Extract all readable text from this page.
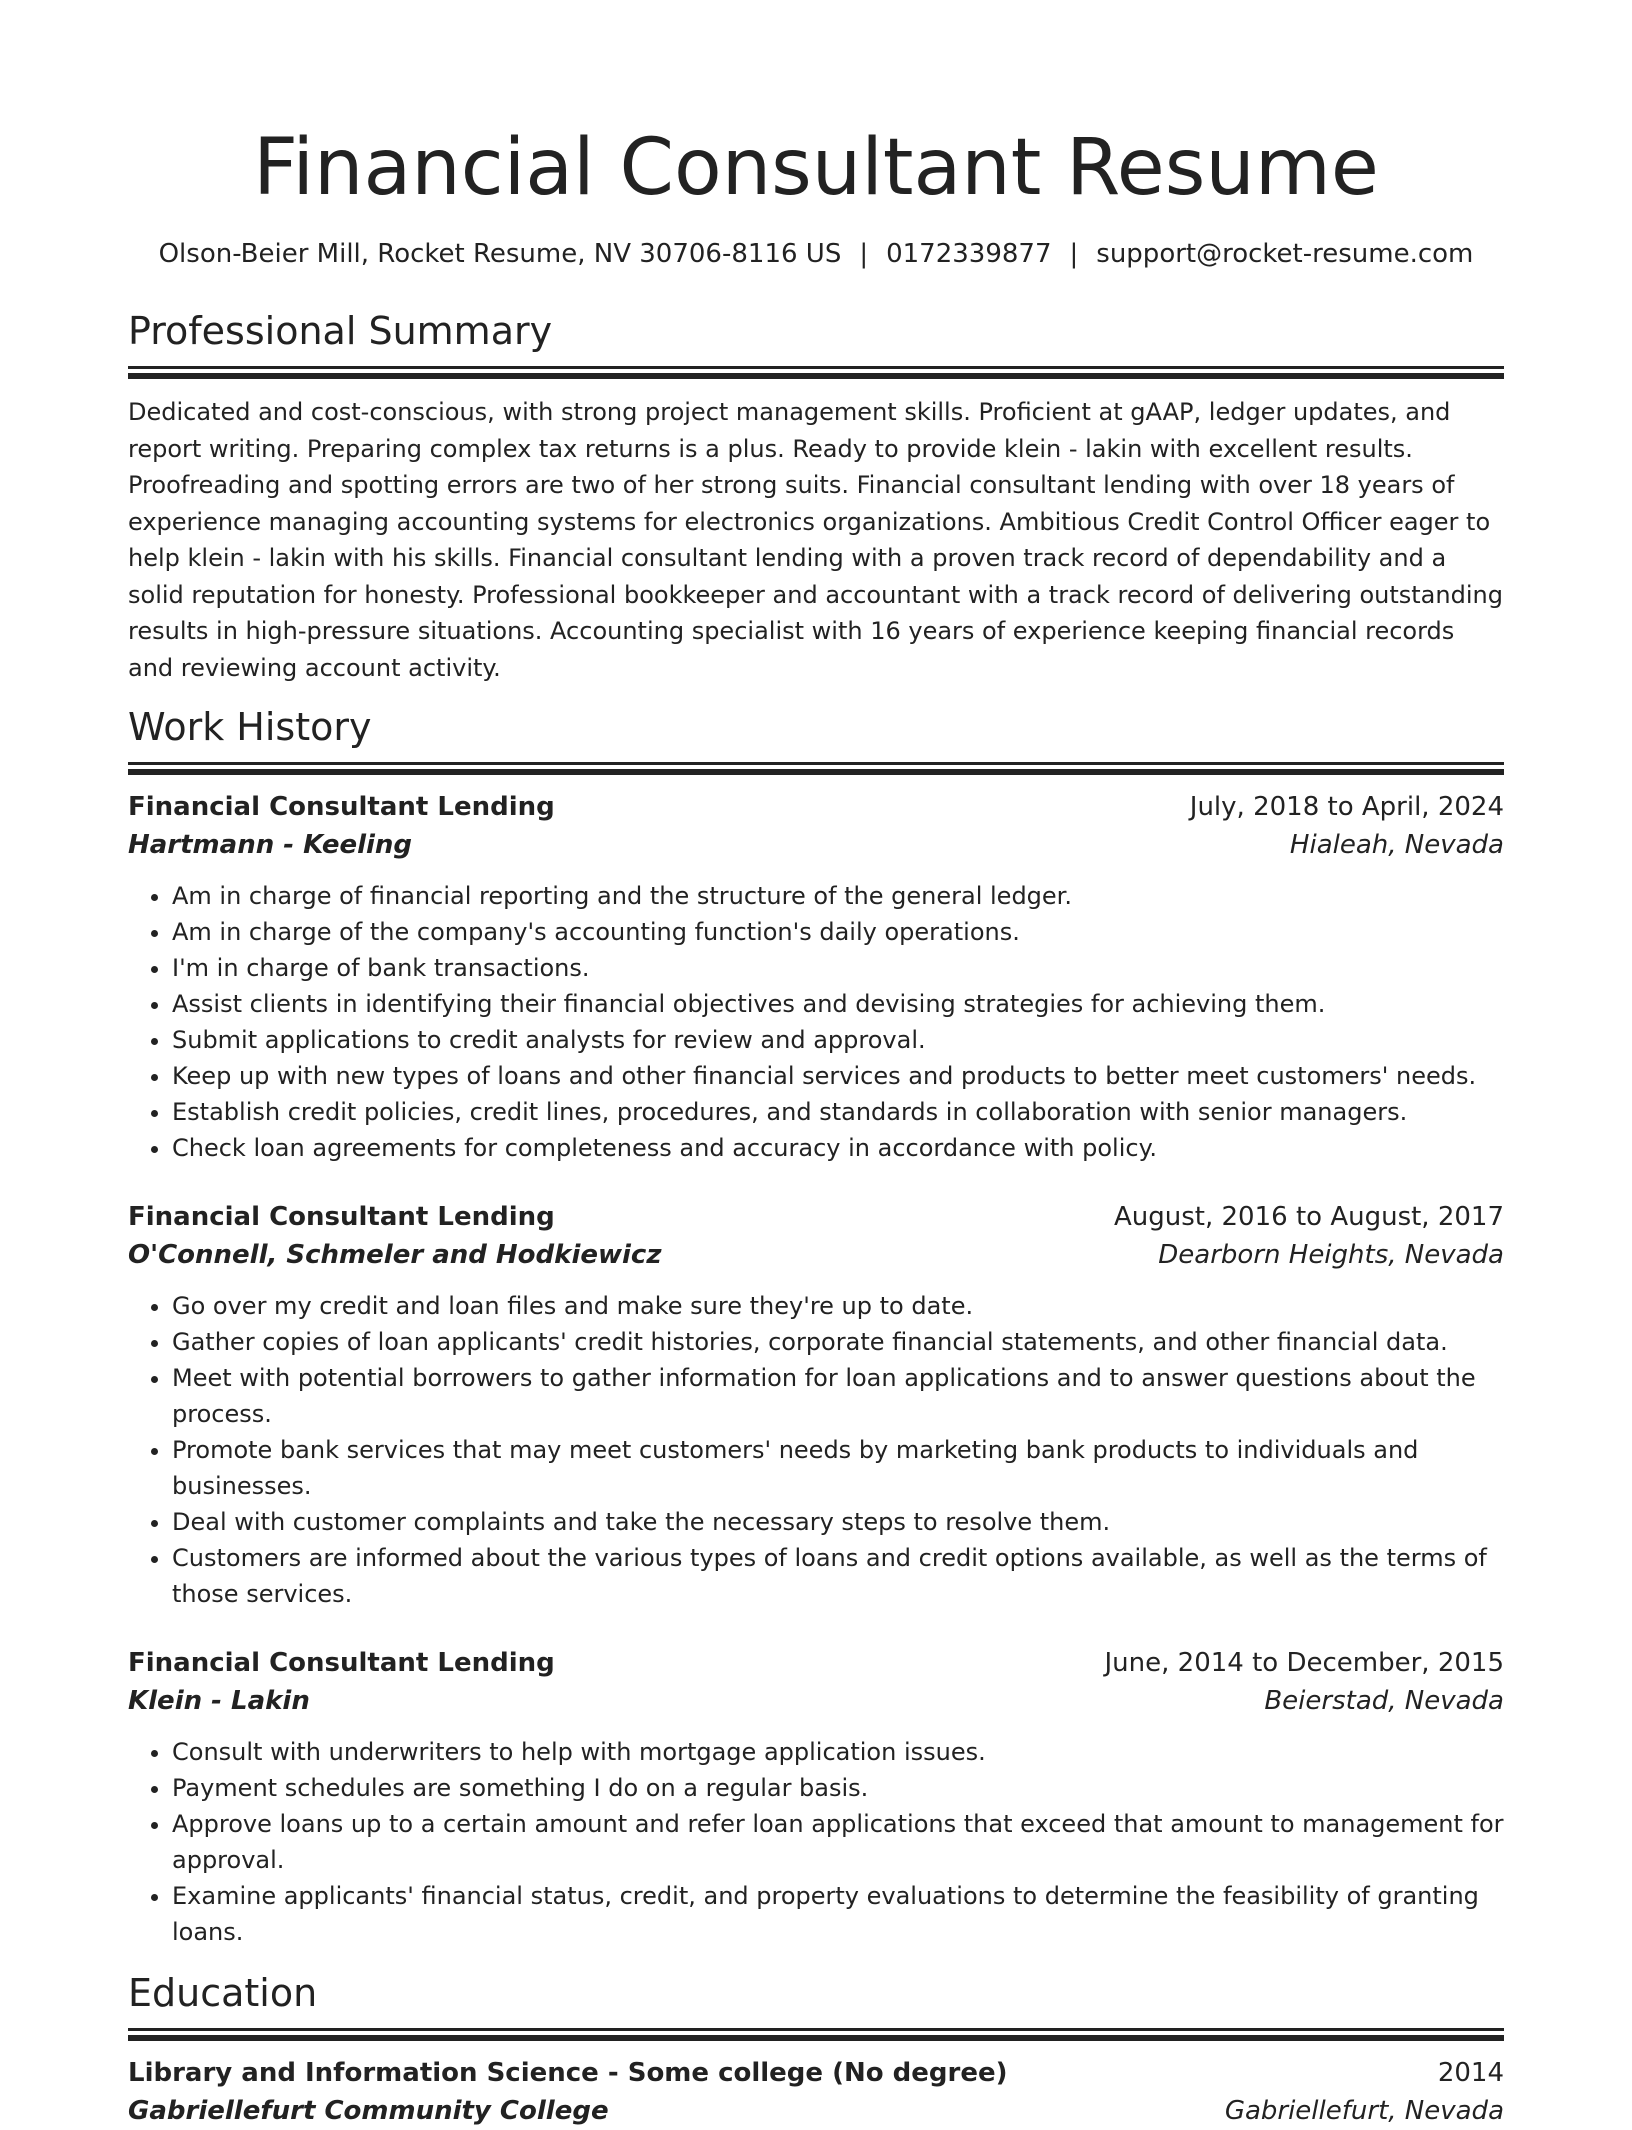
Financial Consultant Resume
Olson-Beier Mill, Rocket Resume, NV 30706-8116 US | 0172339877 | support@rocket-resume.com
Professional Summary
Dedicated and cost-conscious, with strong project management skills. Proficient at gAAP, ledger updates, and report writing. Preparing complex tax returns is a plus. Ready to provide klein - lakin with excellent results. Proofreading and spotting errors are two of her strong suits. Financial consultant lending with over 18 years of experience managing accounting systems for electronics organizations. Ambitious Credit Control Officer eager to help klein - lakin with his skills. Financial consultant lending with a proven track record of dependability and a solid reputation for honesty. Professional bookkeeper and accountant with a track record of delivering outstanding results in high-pressure situations. Accounting specialist with 16 years of experience keeping financial records and reviewing account activity.
Work History
Financial Consultant Lending	July, 2018 to April, 2024
Hartmann - Keeling	Hialeah, Nevada
• Am in charge of financial reporting and the structure of the general ledger.
• Am in charge of the company's accounting function's daily operations.
• I'm in charge of bank transactions.
• Assist clients in identifying their financial objectives and devising strategies for achieving them.
• Submit applications to credit analysts for review and approval.
• Keep up with new types of loans and other financial services and products to better meet customers' needs.
• Establish credit policies, credit lines, procedures, and standards in collaboration with senior managers.
• Check loan agreements for completeness and accuracy in accordance with policy.
Financial Consultant Lending	August, 2016 to August, 2017
O'Connell, Schmeler and Hodkiewicz	Dearborn Heights, Nevada
• Go over my credit and loan files and make sure they're up to date.
• Gather copies of loan applicants' credit histories, corporate financial statements, and other financial data.
• Meet with potential borrowers to gather information for loan applications and to answer questions about the process.
• Promote bank services that may meet customers' needs by marketing bank products to individuals and businesses.
• Deal with customer complaints and take the necessary steps to resolve them.
• Customers are informed about the various types of loans and credit options available, as well as the terms of those services.
Financial Consultant Lending	June, 2014 to December, 2015
Klein - Lakin	Beierstad, Nevada
• Consult with underwriters to help with mortgage application issues.
• Payment schedules are something I do on a regular basis.
• Approve loans up to a certain amount and refer loan applications that exceed that amount to management for approval.
• Examine applicants' financial status, credit, and property evaluations to determine the feasibility of granting loans.
Education
Library and Information Science - Some college (No degree)	2014
Gabriellefurt Community College	Gabriellefurt, Nevada
